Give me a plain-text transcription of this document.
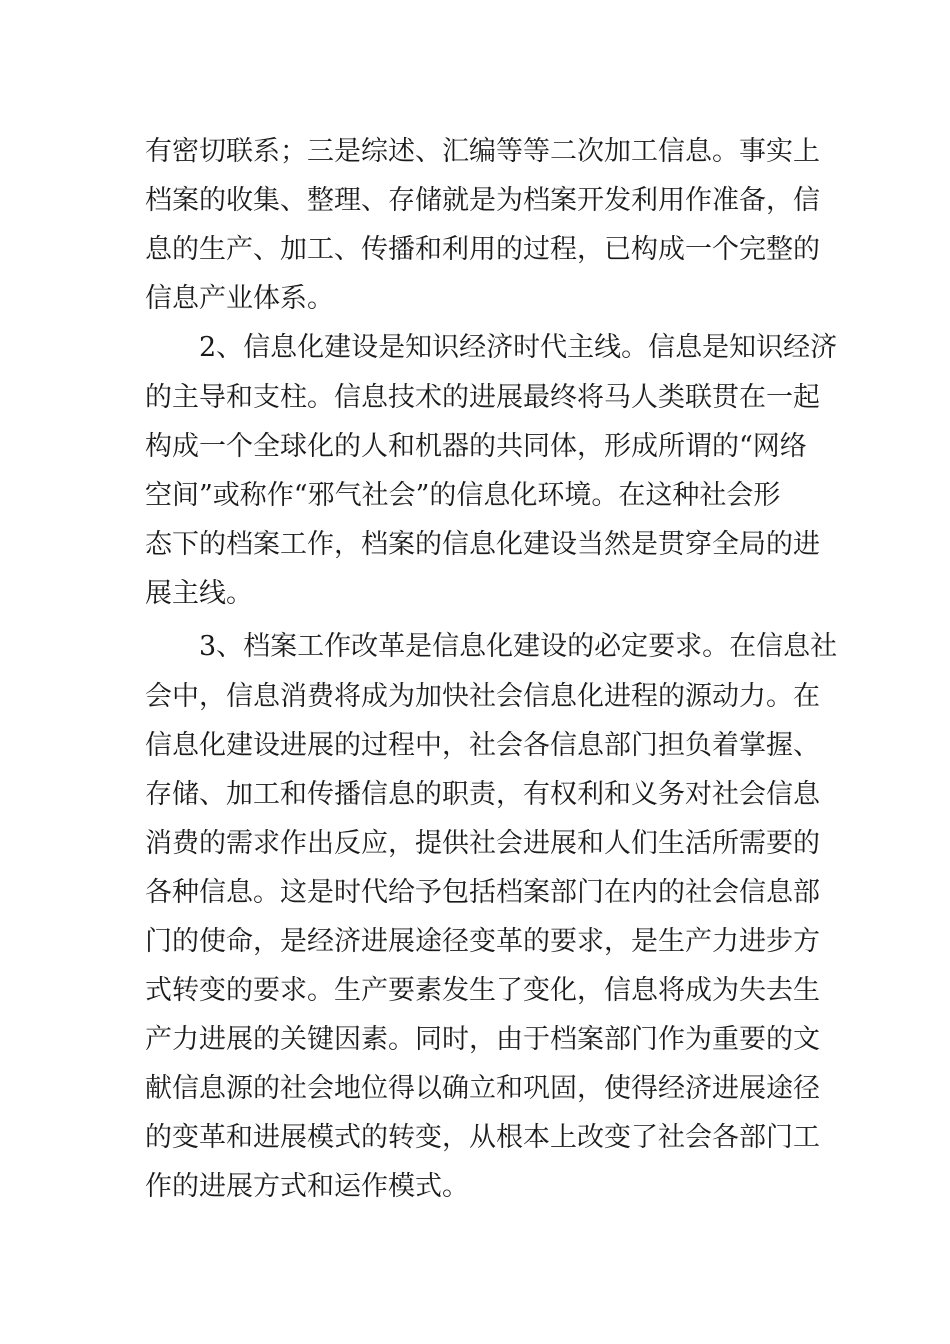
有密切联系；三是综述、汇编等等二次加工信息。事实上
档案的收集、整理、存储就是为档案开发利用作准备，信
息的生产、加工、传播和利用的过程，已构成一个完整的
信息产业体系。
2、信息化建设是知识经济时代主线。信息是知识经济
的主导和支柱。信息技术的进展最终将马人类联贯在一起
构成一个全球化的人和机器的共同体，形成所谓的“网络
空间”或称作“邪气社会”的信息化环境。在这种社会形
态下的档案工作，档案的信息化建设当然是贯穿全局的进
展主线。
3、档案工作改革是信息化建设的必定要求。在信息社
会中，信息消费将成为加快社会信息化进程的源动力。在
信息化建设进展的过程中，社会各信息部门担负着掌握、
存储、加工和传播信息的职责，有权利和义务对社会信息
消费的需求作出反应，提供社会进展和人们生活所需要的
各种信息。这是时代给予包括档案部门在内的社会信息部
门的使命，是经济进展途径变革的要求，是生产力进步方
式转变的要求。生产要素发生了变化，信息将成为失去生
产力进展的关键因素。同时，由于档案部门作为重要的文
献信息源的社会地位得以确立和巩固，使得经济进展途径
的变革和进展模式的转变，从根本上改变了社会各部门工
作的进展方式和运作模式。
